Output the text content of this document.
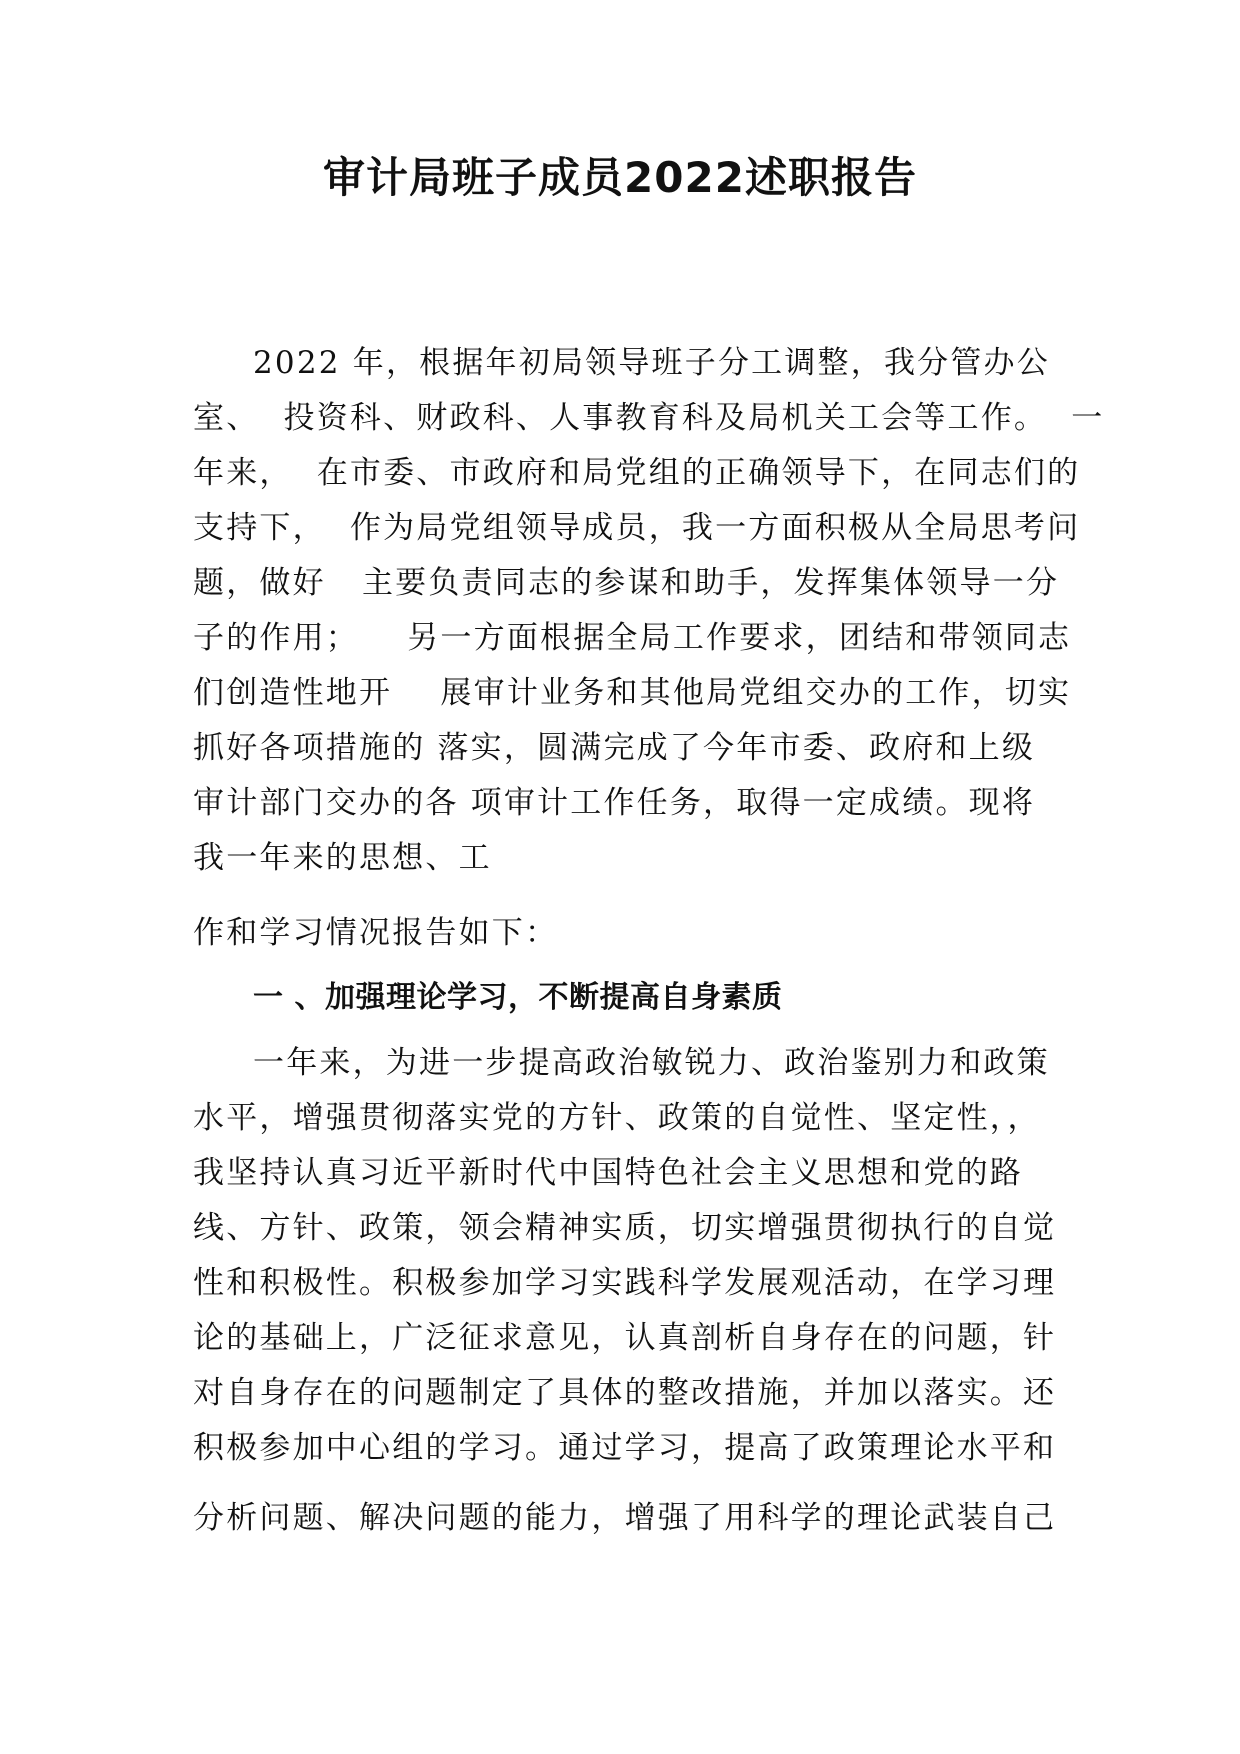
审计局班子成员2022述职报告
2022 年，根据年初局领导班子分工调整，我分管办公
室、  投资科、财政科、人事教育科及局机关工会等工作。  一
年来，  在市委、市政府和局党组的正确领导下，在同志们的
支持下，  作为局党组领导成员，我一方面积极从全局思考问
题，做好   主要负责同志的参谋和助手，发挥集体领导一分
子的作用；    另一方面根据全局工作要求，团结和带领同志
们创造性地开    展审计业务和其他局党组交办的工作，切实
抓好各项措施的 落实，圆满完成了今年市委、政府和上级
审计部门交办的各 项审计工作任务，取得一定成绩。现将
我一年来的思想、工
作和学习情况报告如下：
一 、加强理论学习，不断提高自身素质
一年来，为进一步提高政治敏锐力、政治鉴别力和政策
水平，增强贯彻落实党的方针、政策的自觉性、坚定性，，
我坚持认真习近平新时代中国特色社会主义思想和党的路
线、方针、政策，领会精神实质，切实增强贯彻执行的自觉
性和积极性。积极参加学习实践科学发展观活动，在学习理
论的基础上，广泛征求意见，认真剖析自身存在的问题，针
对自身存在的问题制定了具体的整改措施，并加以落实。还
积极参加中心组的学习。通过学习，提高了政策理论水平和
分析问题、解决问题的能力，增强了用科学的理论武装自己
